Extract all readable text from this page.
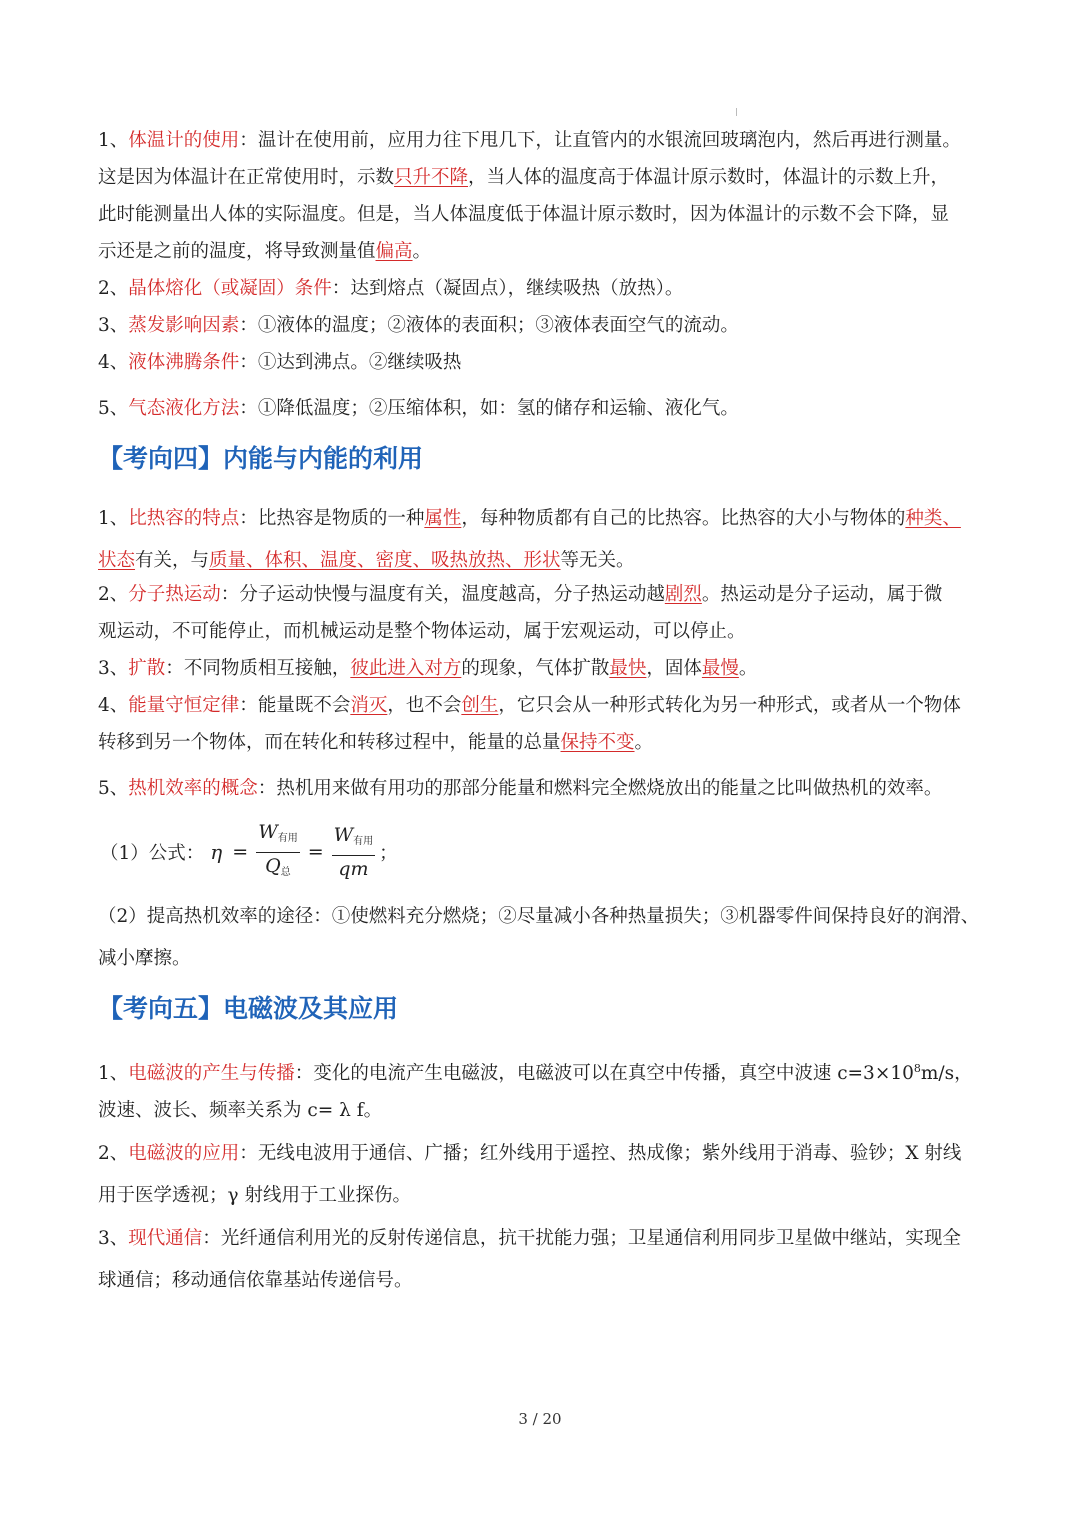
1、体温计的使用：温计在使用前，应用力往下甩几下，让直管内的水银流回玻璃泡内，然后再进行测量。
这是因为体温计在正常使用时，示数只升不降，当人体的温度高于体温计原示数时，体温计的示数上升，
此时能测量出人体的实际温度。但是，当人体温度低于体温计原示数时，因为体温计的示数不会下降，显
示还是之前的温度，将导致测量值偏高。
2、晶体熔化（或凝固）条件：达到熔点（凝固点），继续吸热（放热）。
3、蒸发影响因素：①液体的温度；②液体的表面积；③液体表面空气的流动。
4、液体沸腾条件：①达到沸点。②继续吸热
5、气态液化方法：①降低温度；②压缩体积，如：氢的储存和运输、液化气。
【考向四】内能与内能的利用
1、比热容的特点：比热容是物质的一种属性，每种物质都有自己的比热容。比热容的大小与物体的种类、
状态有关，与质量、体积、温度、密度、吸热放热、形状等无关。
2、分子热运动：分子运动快慢与温度有关，温度越高，分子热运动越剧烈。热运动是分子运动，属于微
观运动，不可能停止，而机械运动是整个物体运动，属于宏观运动，可以停止。
3、扩散：不同物质相互接触，彼此进入对方的现象，气体扩散最快，固体最慢。
4、能量守恒定律：能量既不会消灭，也不会创生，它只会从一种形式转化为另一种形式，或者从一个物体
转移到另一个物体，而在转化和转移过程中，能量的总量保持不变。
5、热机效率的概念：热机用来做有用功的那部分能量和燃料完全燃烧放出的能量之比叫做热机的效率。
（1）公式： $\eta = \frac{W_{有用}}{Q_总} = \frac{W_{有用}}{qm}$ ；
（2）提高热机效率的途径：①使燃料充分燃烧；②尽量减小各种热量损失；③机器零件间保持良好的润滑、
减小摩擦。
【考向五】电磁波及其应用
1、电磁波的产生与传播：变化的电流产生电磁波，电磁波可以在真空中传播，真空中波速 $c=3\times 10^8m/s$，
波速、波长、频率关系为 c= λ f。
2、电磁波的应用：无线电波用于通信、广播；红外线用于遥控、热成像；紫外线用于消毒、验钞；X 射线
用于医学透视；γ 射线用于工业探伤。
3、现代通信：光纤通信利用光的反射传递信息，抗干扰能力强；卫星通信利用同步卫星做中继站，实现全
球通信；移动通信依靠基站传递信号。
3 / 20
